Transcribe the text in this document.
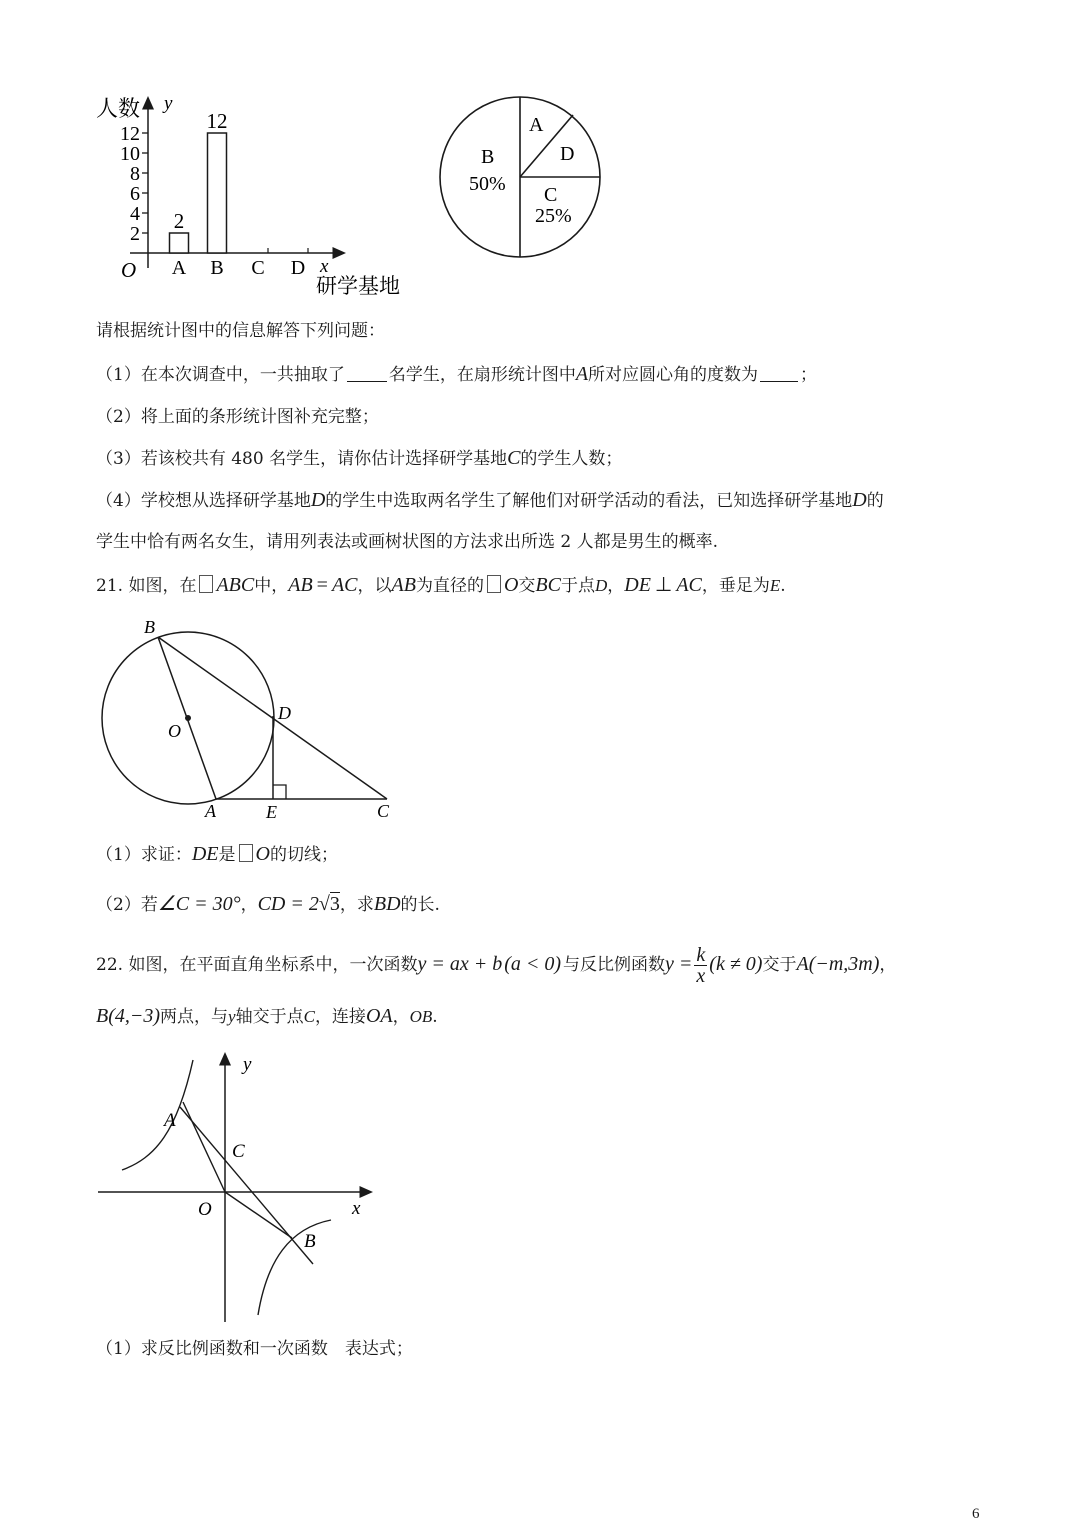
人数 y
x
O
研学基地
2
4
6
8
10
12
2
12
A B C D
A
D
C
25%
B
50%
请根据统计图中的信息解答下列问题：
（1）在本次调查中，一共抽取了	名学生，在扇形统计图中A所对应圆心角的度数为 ；
（2）将上面的条形统计图补充完整；
（3）若该校共有 480 名学生，请你估计选择研学基地C的学生人数；
（4）学校想从选择研学基地D的学生中选取两名学生了解他们对研学活动的看法，已知选择研学基地D的
学生中恰有两名女生，请用列表法或画树状图的方法求出所选 2 人都是男生的概率.
21. 如图，在 ABC中，AB = AC，以AB为直径的 O交BC于点D，DE ⊥ AC，垂足为E.
B
O
D
A	E	C
（1）求证：DE是 O的切线；
（2）若∠C = 30°，CD = 2√3，求BD的长.
22. 如图，在平面直角坐标系中，一次函数y = ax + b (a < 0) 与反比例函数$y = \frac{k}{x} (k \ne 0)$交于A(−m,3m)，
B(4,−3)两点，与y轴交于点C，连接OA，OB.
y
A
C
O	x
B
（1）求反比例函数和一次函数　表达式；
6
